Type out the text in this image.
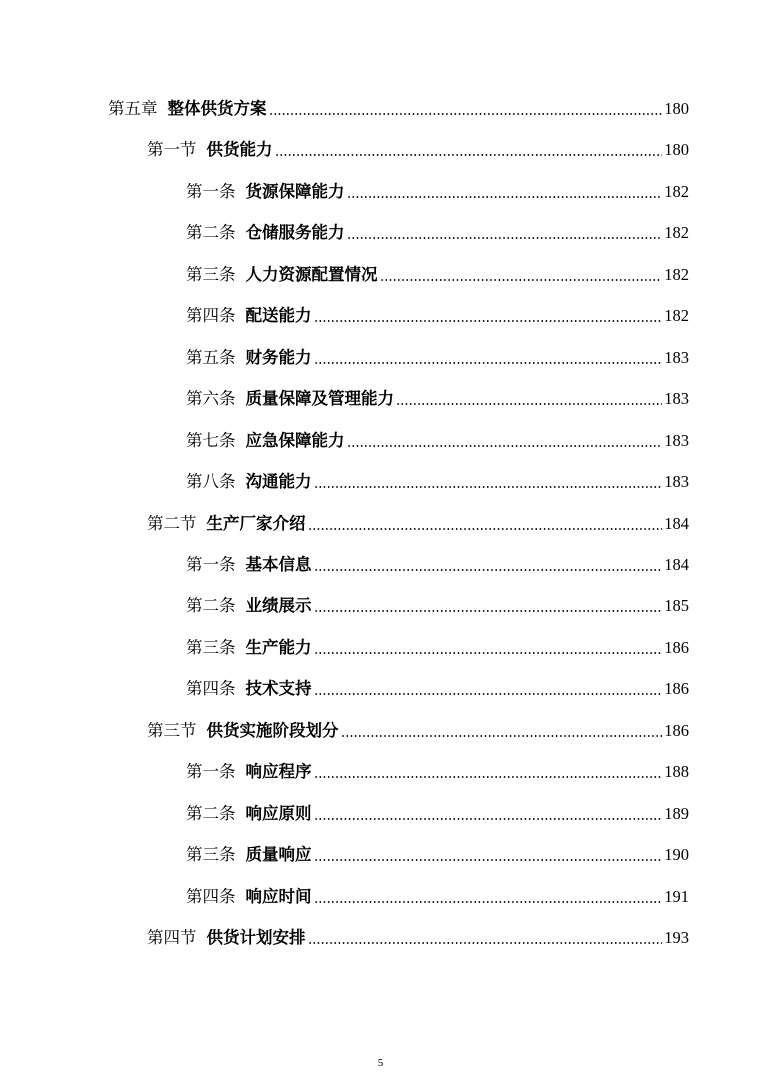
第五章 整体供货方案	180
第一节 供货能力	180
第一条 货源保障能力	182
第二条 仓储服务能力	182
第三条 人力资源配置情况	182
第四条 配送能力	182
第五条 财务能力	183
第六条 质量保障及管理能力	183
第七条 应急保障能力	183
第八条 沟通能力	183
第二节 生产厂家介绍	184
第一条 基本信息	184
第二条 业绩展示	185
第三条 生产能力	186
第四条 技术支持	186
第三节 供货实施阶段划分	186
第一条 响应程序	188
第二条 响应原则	189
第三条 质量响应	190
第四条 响应时间	191
第四节 供货计划安排	193
5
